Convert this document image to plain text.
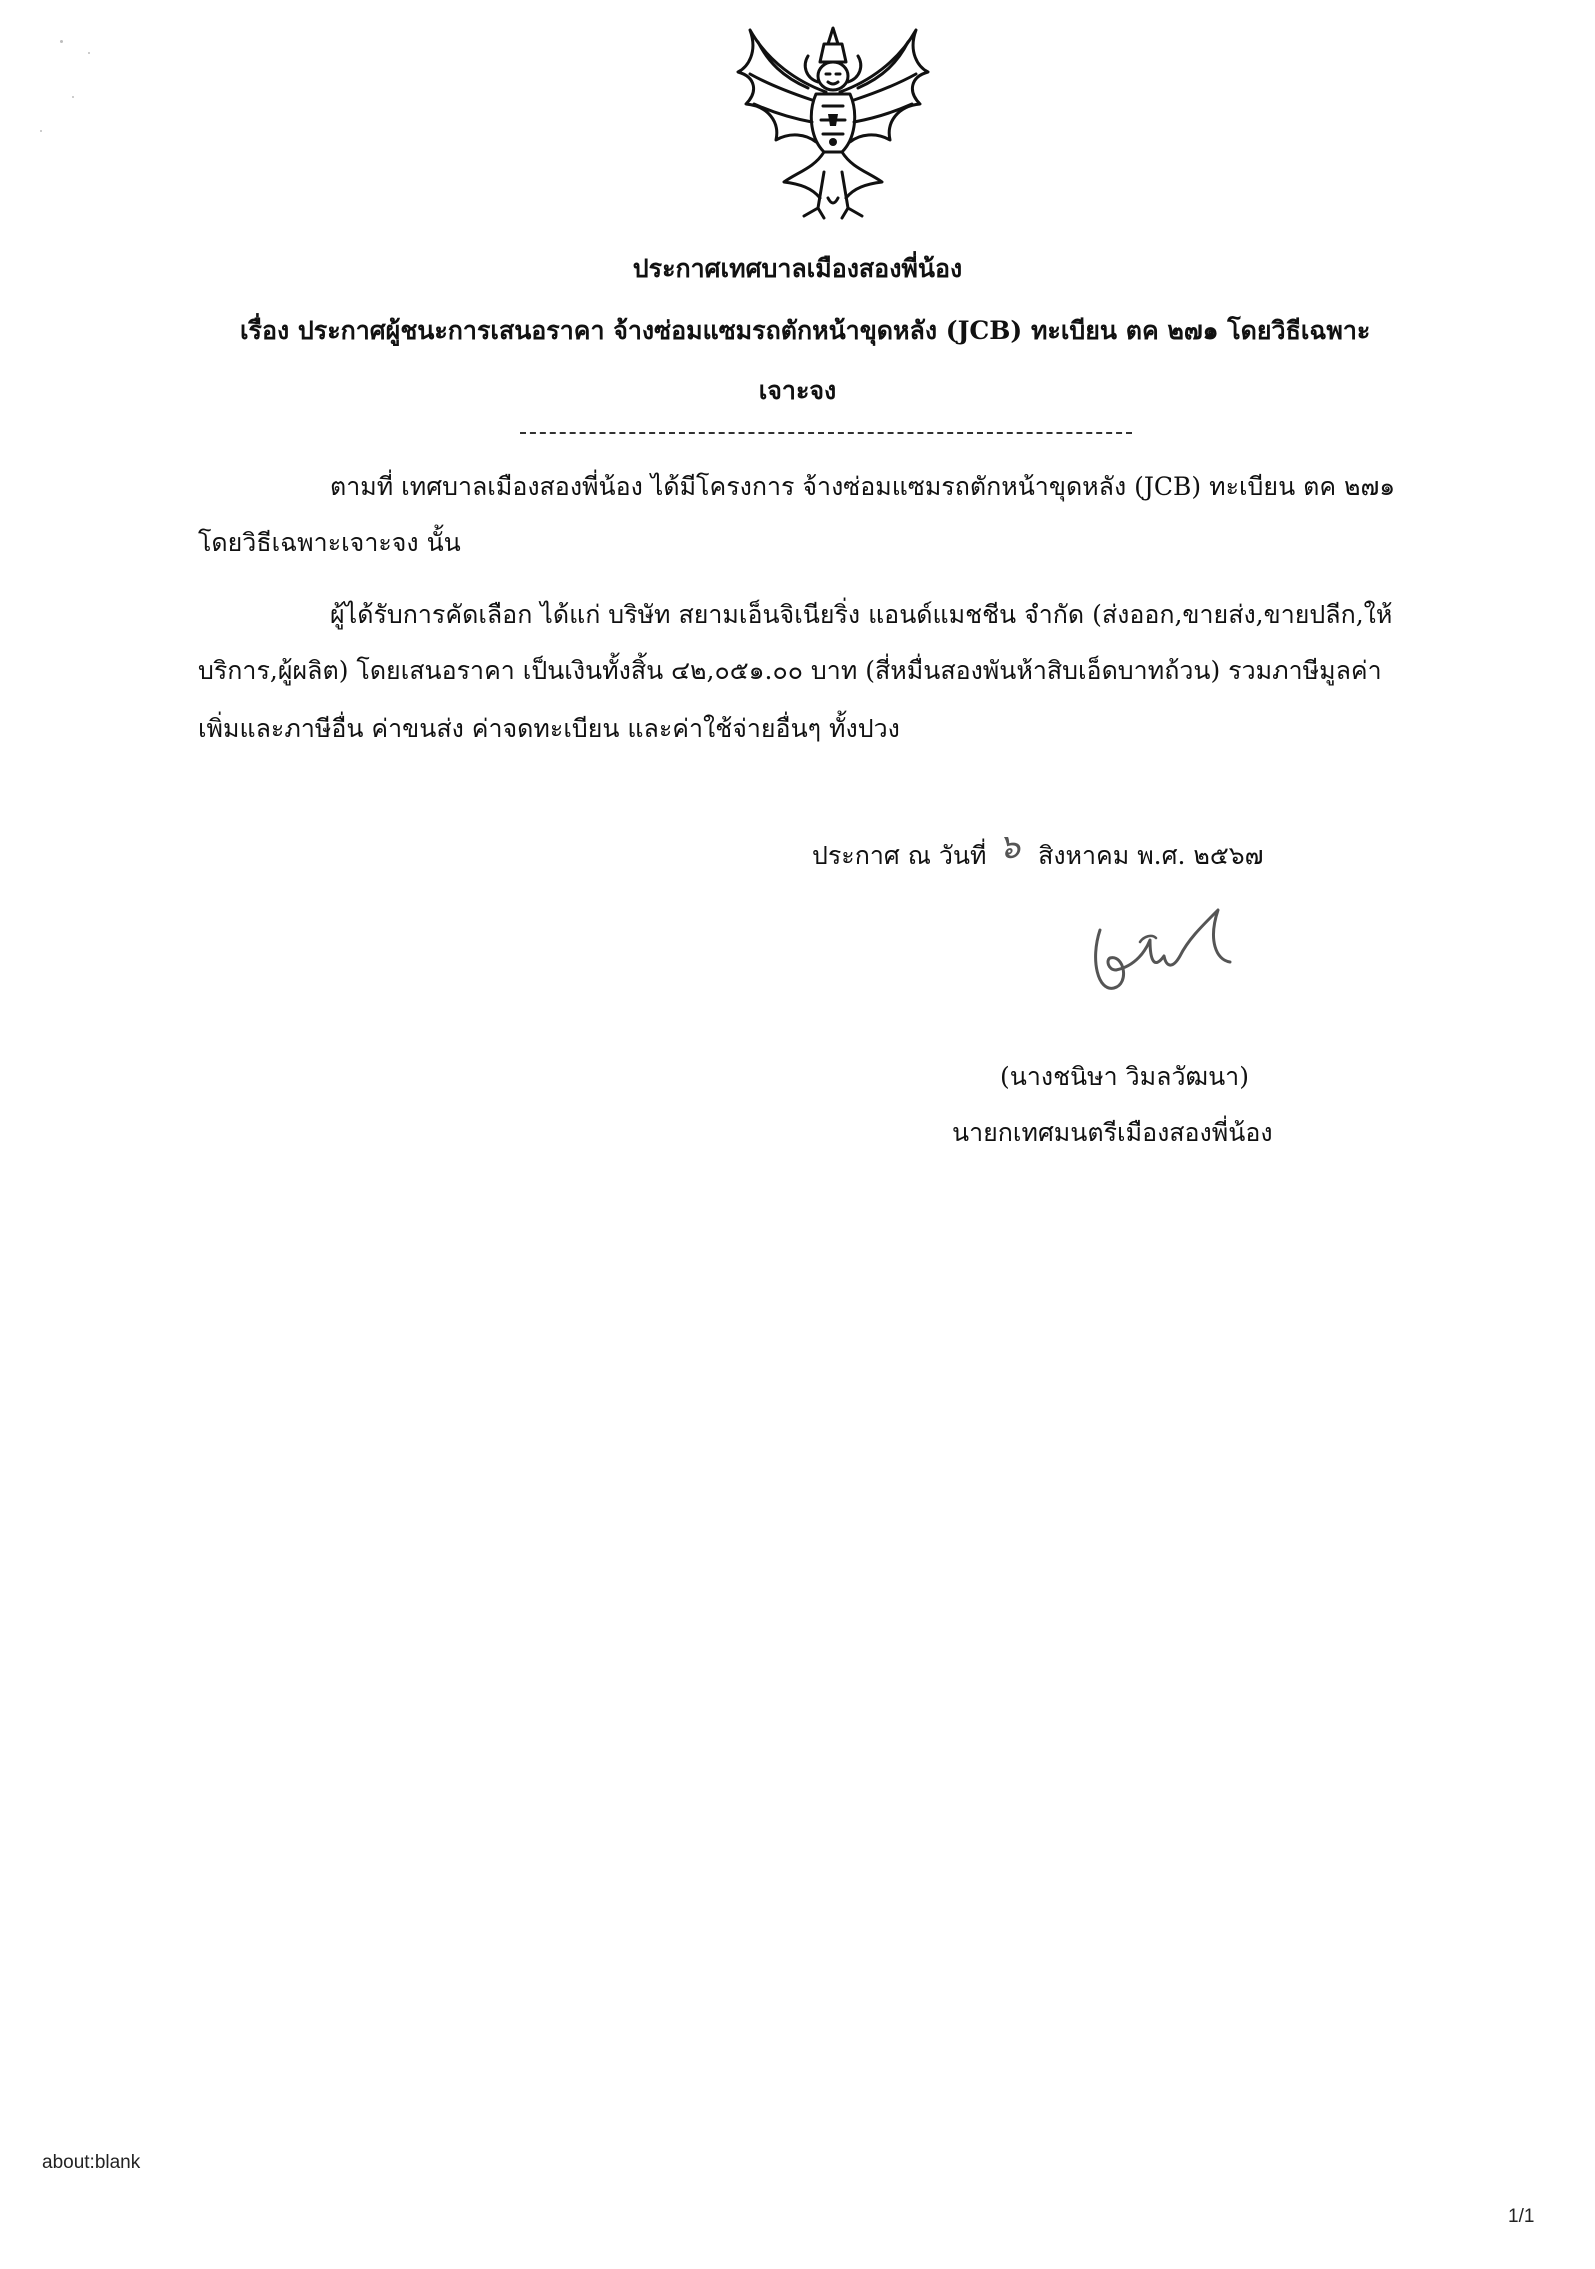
ประกาศเทศบาลเมืองสองพี่น้อง
เรื่อง ประกาศผู้ชนะการเสนอราคา จ้างซ่อมแซมรถตักหน้าขุดหลัง (JCB) ทะเบียน ตค ๒๗๑ โดยวิธีเฉพาะ
เจาะจง
ตามที่ เทศบาลเมืองสองพี่น้อง ได้มีโครงการ จ้างซ่อมแซมรถตักหน้าขุดหลัง (JCB) ทะเบียน ตค ๒๗๑
โดยวิธีเฉพาะเจาะจง นั้น
ผู้ได้รับการคัดเลือก ได้แก่ บริษัท สยามเอ็นจิเนียริ่ง แอนด์แมชชีน จำกัด (ส่งออก,ขายส่ง,ขายปลีก,ให้
บริการ,ผู้ผลิต) โดยเสนอราคา เป็นเงินทั้งสิ้น ๔๒,๐๕๑.๐๐ บาท (สี่หมื่นสองพันห้าสิบเอ็ดบาทถ้วน) รวมภาษีมูลค่า
เพิ่มและภาษีอื่น ค่าขนส่ง ค่าจดทะเบียน และค่าใช้จ่ายอื่นๆ ทั้งปวง
ประกาศ ณ วันที่ ๖ สิงหาคม พ.ศ. ๒๕๖๗
(นางชนิษา วิมลวัฒนา)
นายกเทศมนตรีเมืองสองพี่น้อง
about:blank
1/1
